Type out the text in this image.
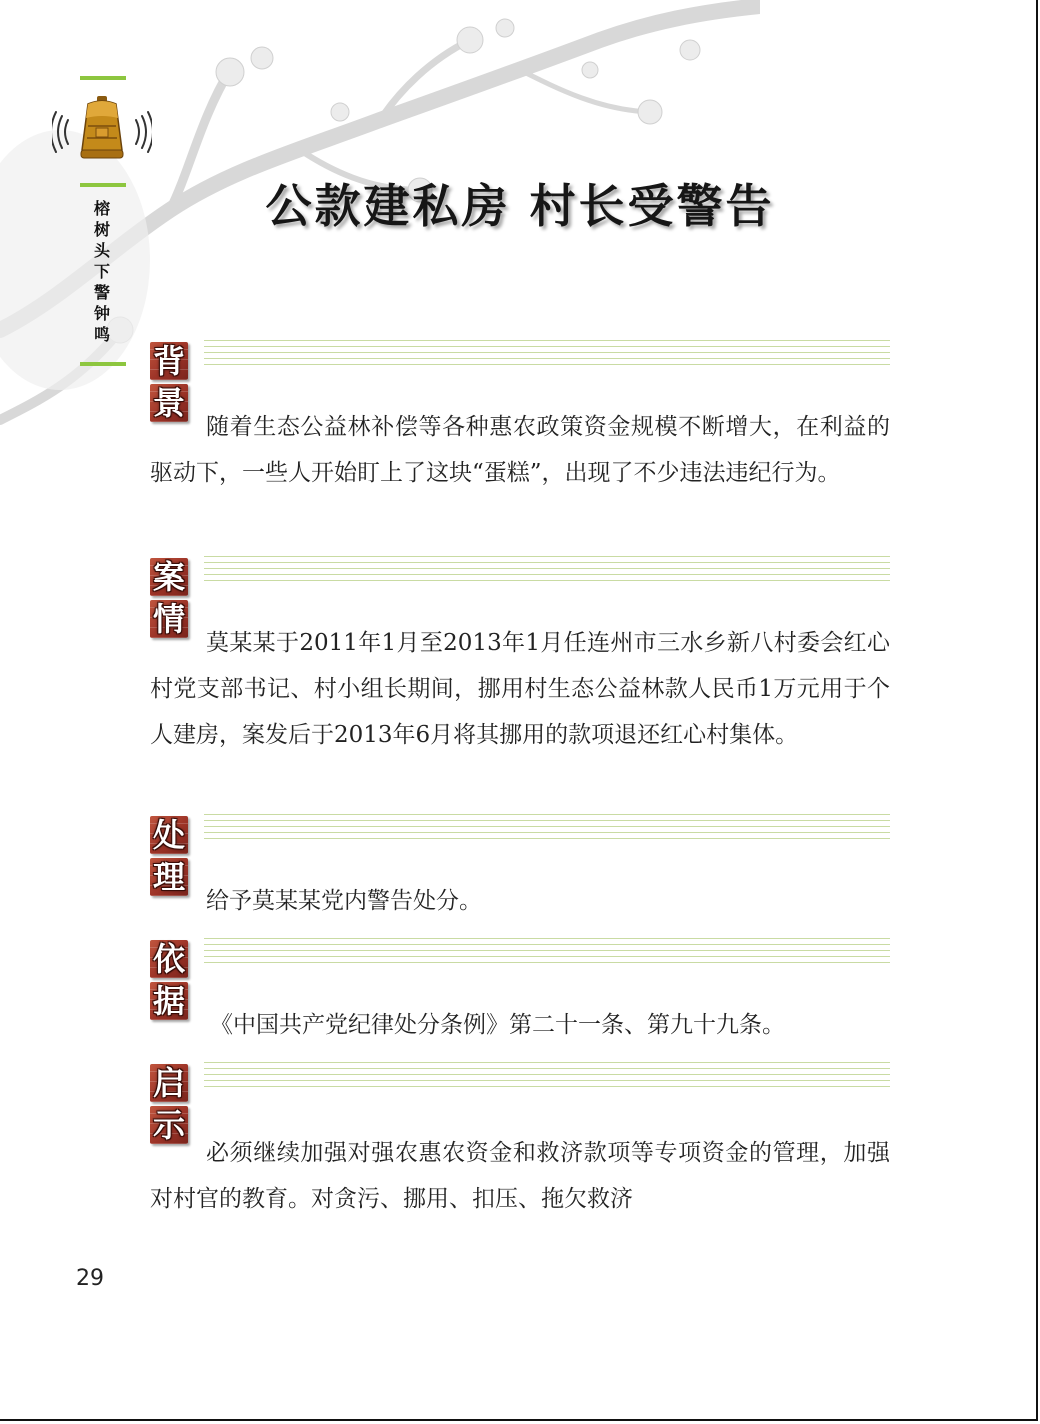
榕树头下警钟鸣
公款建私房 村长受警告
背
景

随着生态公益林补偿等各种惠农政策资金规模不断增大，在利益的驱动下，一些人开始盯上了这块“蛋糕”，出现了不少违法违纪行为。

案
情

莫某某于2011年1月至2013年1月任连州市三水乡新八村委会红心村党支部书记、村小组长期间，挪用村生态公益林款人民币1万元用于个人建房，案发后于2013年6月将其挪用的款项退还红心村集体。

处
理

给予莫某某党内警告处分。

依
据

《中国共产党纪律处分条例》第二十一条、第九十九条。

启
示

必须继续加强对强农惠农资金和救济款项等专项资金的管理，加强对村官的教育。对贪污、挪用、扣压、拖欠救济

29
